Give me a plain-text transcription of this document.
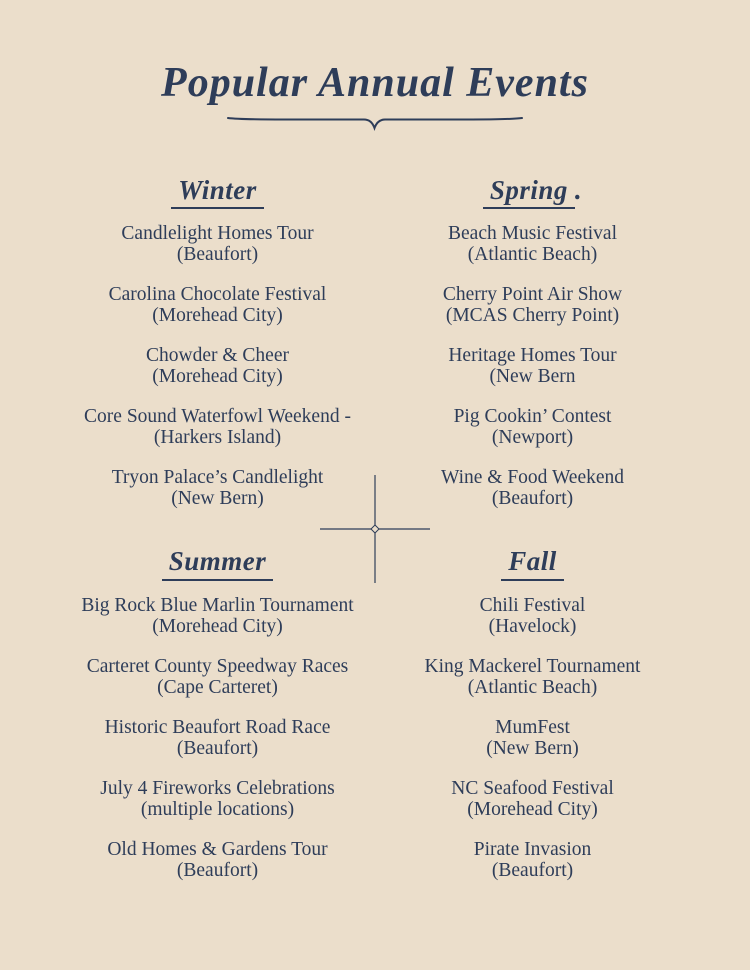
Popular Annual Events
Winter
Candlelight Homes Tour
(Beaufort)
Carolina Chocolate Festival
(Morehead City)
Chowder & Cheer
(Morehead City)
Core Sound Waterfowl Weekend -
(Harkers Island)
Tryon Palace’s Candlelight
(New Bern)
Spring .
Beach Music Festival
(Atlantic Beach)
Cherry Point Air Show
(MCAS Cherry Point)
Heritage Homes Tour
(New Bern
Pig Cookin’ Contest
(Newport)
Wine & Food Weekend
(Beaufort)
Summer
Big Rock Blue Marlin Tournament
(Morehead City)
Carteret County Speedway Races
(Cape Carteret)
Historic Beaufort Road Race
(Beaufort)
July 4 Fireworks Celebrations
(multiple locations)
Old Homes & Gardens Tour
(Beaufort)
Fall
Chili Festival
(Havelock)
King Mackerel Tournament
(Atlantic Beach)
MumFest
(New Bern)
NC Seafood Festival
(Morehead City)
Pirate Invasion
(Beaufort)
